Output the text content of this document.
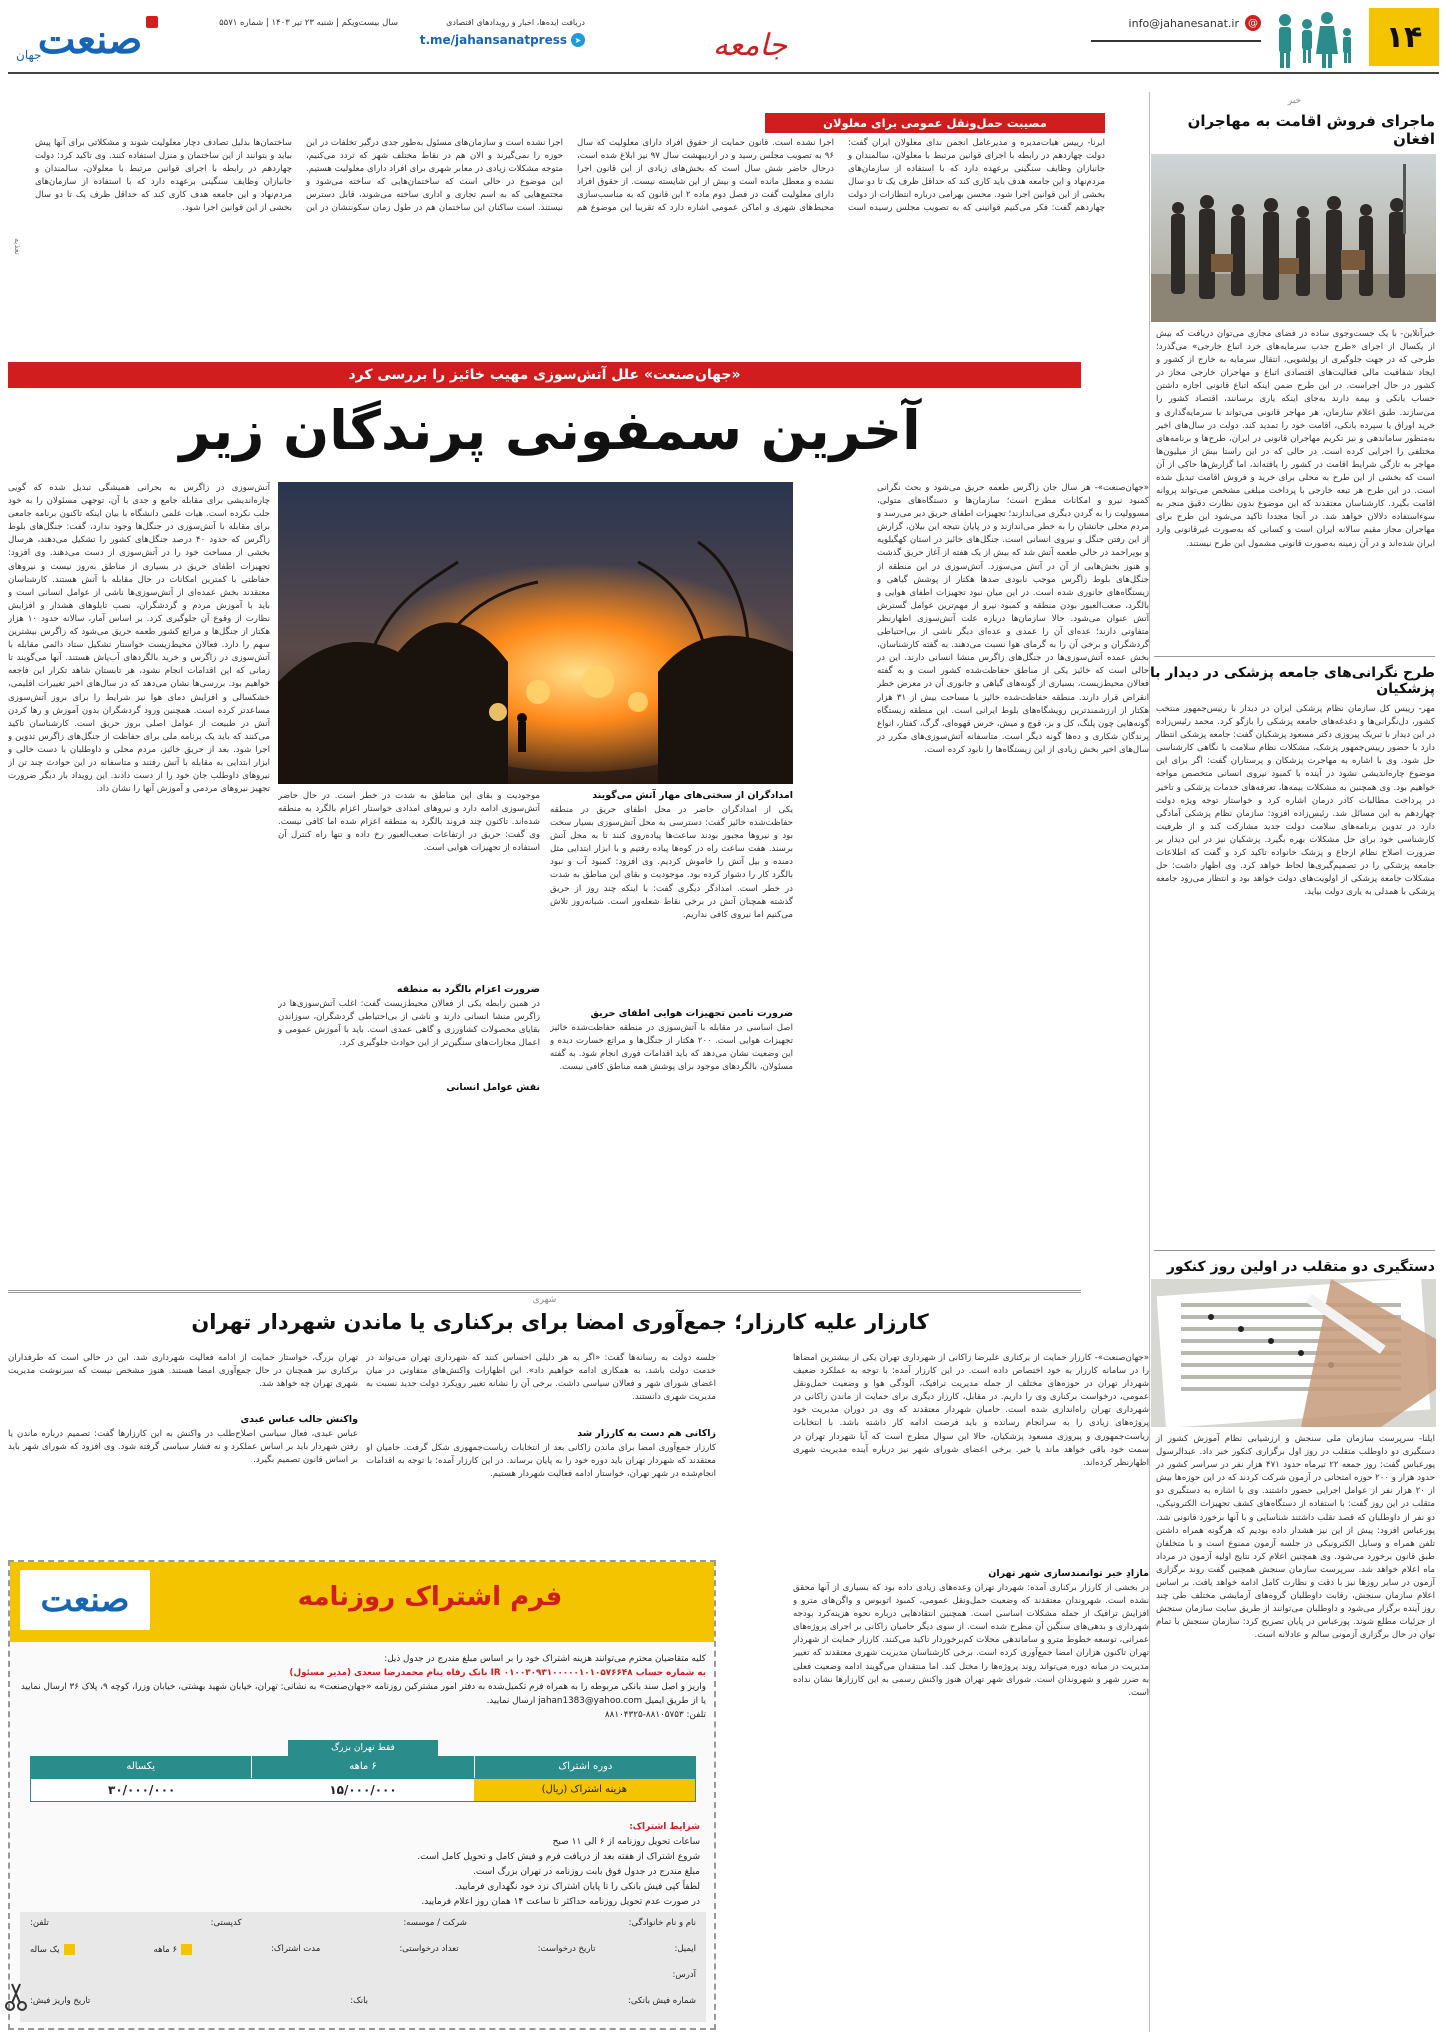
۱۴
info@jahanesanat.ir @
جامعه
دریافت ایده‌ها، اخبار و رویدادهای اقتصادی
t.me/jahansanatpress ➤
سال بیست‌ویکم | شنبه ۲۳ تیر ۱۴۰۳ | شماره ۵۵۷۱
جهان
صنعت
خبر
ماجرای فروش اقامت به مهاجران افغان
خبرآنلاین- با یک جست‌وجوی ساده در فضای مجازی می‌توان دریافت که بیش از یکسال از اجرای «طرح جذب سرمایه‌های خرد اتباع خارجی» می‌گذرد؛ طرحی که در جهت جلوگیری از پولشویی، انتقال سرمایه به خارج از کشور و ایجاد شفافیت مالی فعالیت‌های اقتصادی اتباع و مهاجران خارجی مجاز در کشور در حال اجراست. در این طرح ضمن اینکه اتباع قانونی اجازه داشتن حساب بانکی و بیمه دارند به‌جای اینکه یاری برسانند، اقتصاد کشور را می‌سازند. طبق اعلام سازمان، هر مهاجر قانونی می‌تواند با سرمایه‌گذاری و خرید اوراق یا سپرده بانکی، اقامت خود را تمدید کند. دولت در سال‌های اخیر به‌منظور ساماندهی و نیز تکریم مهاجران قانونی در ایران، طرح‌ها و برنامه‌های مختلفی را اجرایی کرده است. در حالی که در این راستا بیش از میلیون‌ها مهاجر به تازگی شرایط اقامت در کشور را یافته‌اند، اما گزارش‌ها حاکی از آن است که بخشی از این طرح به محلی برای خرید و فروش اقامت تبدیل شده است. در این طرح هر تبعه خارجی با پرداخت مبلغی مشخص می‌تواند پروانه اقامت بگیرد. کارشناسان معتقدند که این موضوع بدون نظارت دقیق منجر به سوءاستفاده دلالان خواهد شد. در آنجا مجددا تاکید می‌شود این طرح برای مهاجران مجاز مقیم سالانه ایران است و کسانی که به‌صورت غیرقانونی وارد ایران شده‌اند و در آن زمینه به‌صورت قانونی مشمول این طرح نیستند.
طرح نگرانی‌های جامعه پزشکی در دیدار با پزشکیان
مهر- رییس کل سازمان نظام پزشکی ایران در دیدار با رییس‌جمهور منتخب کشور، دل‌نگرانی‌ها و دغدغه‌های جامعه پزشکی را بازگو کرد. محمد رئیس‌زاده در این دیدار با تبریک پیروزی دکتر مسعود پزشکیان گفت: جامعه پزشکی انتظار دارد با حضور رییس‌جمهور پزشک، مشکلات نظام سلامت با نگاهی کارشناسی حل شود. وی با اشاره به مهاجرت پزشکان و پرستاران گفت: اگر برای این موضوع چاره‌اندیشی نشود در آینده با کمبود نیروی انسانی متخصص مواجه خواهیم بود. وی همچنین به مشکلات بیمه‌ها، تعرفه‌های خدمات پزشکی و تاخیر در پرداخت مطالبات کادر درمان اشاره کرد و خواستار توجه ویژه دولت چهاردهم به این مسائل شد. رئیس‌زاده افزود: سازمان نظام پزشکی آمادگی دارد در تدوین برنامه‌های سلامت دولت جدید مشارکت کند و از ظرفیت کارشناسی خود برای حل مشکلات بهره بگیرد. پزشکیان نیز در این دیدار بر ضرورت اصلاح نظام ارجاع و پزشک خانواده تاکید کرد و گفت که اطلاعات جامعه پزشکی را در تصمیم‌گیری‌ها لحاظ خواهد کرد. وی اظهار داشت: حل مشکلات جامعه پزشکی از اولویت‌های دولت خواهد بود و انتظار می‌رود جامعه پزشکی با همدلی به یاری دولت بیاید.
دستگیری دو متقلب در اولین روز کنکور
ایلنا- سرپرست سازمان ملی سنجش و ارزشیابی نظام آموزش کشور از دستگیری دو داوطلب متقلب در روز اول برگزاری کنکور خبر داد. عبدالرسول پورعباس گفت: روز جمعه ۲۲ تیرماه حدود ۴۷۱ هزار نفر در سراسر کشور در حدود هزار و ۲۰۰ حوزه امتحانی در آزمون شرکت کردند که در این حوزه‌ها بیش از ۲۰ هزار نفر از عوامل اجرایی حضور داشتند. وی با اشاره به دستگیری دو متقلب در این روز گفت: با استفاده از دستگاه‌های کشف تجهیزات الکترونیکی، دو نفر از داوطلبان که قصد تقلب داشتند شناسایی و با آنها برخورد قانونی شد. پورعباس افزود: پیش از این نیز هشدار داده بودیم که هرگونه همراه داشتن تلفن همراه و وسایل الکترونیکی در جلسه آزمون ممنوع است و با متخلفان طبق قانون برخورد می‌شود. وی همچنین اعلام کرد نتایج اولیه آزمون در مرداد ماه اعلام خواهد شد. سرپرست سازمان سنجش همچنین گفت روند برگزاری آزمون در سایر روزها نیز با دقت و نظارت کامل ادامه خواهد یافت. بر اساس اعلام سازمان سنجش، رقابت داوطلبان گروه‌های آزمایشی مختلف طی چند روز آینده برگزار می‌شود و داوطلبان می‌توانند از طریق سایت سازمان سنجش از جزئیات مطلع شوند. پورعباس در پایان تصریح کرد: سازمان سنجش با تمام توان در حال برگزاری آزمونی سالم و عادلانه است.
مصیبت حمل‌ونقل عمومی برای معلولان
ایرنا- رییس هیات‌مدیره و مدیرعامل انجمن ندای معلولان ایران گفت: دولت چهاردهم در رابطه با اجرای قوانین مرتبط با معلولان، سالمندان و جانبازان وظایف سنگینی برعهده دارد که با استفاده از سازمان‌های مردم‌نهاد و این جامعه هدف باید کاری کند که حداقل ظرف یک تا دو سال بخشی از این قوانین اجرا شود. محسن بهرامی درباره انتظارات از دولت چهاردهم گفت: فکر می‌کنیم قوانینی که به تصویب مجلس رسیده است اجرا نشده است. قانون حمایت از حقوق افراد دارای معلولیت که سال ۹۶ به تصویب مجلس رسید و در اردیبهشت سال ۹۷ نیز ابلاغ شده است، درحال حاضر شش سال است که بخش‌های زیادی از این قانون اجرا نشده و معطل مانده است و بیش از این شایسته نیست. از حقوق افراد دارای معلولیت گفت در فصل دوم ماده ۲ این قانون که به مناسب‌سازی محیط‌های شهری و اماکن عمومی اشاره دارد که تقریبا این موضوع هم اجرا نشده است و سازمان‌های مسئول به‌طور جدی درگیر تخلفات در این حوزه را نمی‌گیرند و الان هم در نقاط مختلف شهر که تردد می‌کنیم، متوجه مشکلات زیادی در معابر شهری برای افراد دارای معلولیت هستیم. این موضوع در حالی است که ساختمان‌هایی که ساخته می‌شود و مجتمع‌هایی که به اسم تجاری و اداری ساخته می‌شوند، قابل دسترس نیستند. است ساکنان این ساختمان هم در طول زمان سکونتشان در این ساختمان‌ها بدلیل تصادف دچار معلولیت شوند و مشکلاتی برای آنها پیش بیاید و بتوانند از این ساختمان و منزل استفاده کنند. وی تاکید کرد: دولت چهاردهم در رابطه با اجرای قوانین مرتبط با معلولان، سالمندان و جانبازان وظایف سنگینی برعهده دارد که با استفاده از سازمان‌های مردم‌نهاد و این جامعه هدف کاری کند که حداقل ظرف یک تا دو سال بخشی از این قوانین اجرا شود.
تغذیه
«جهان‌صنعت» علل آتش‌سوزی مهیب خائیز را بررسی کرد
آخرین سمفونی پرندگان زیر
«جهان‌صنعت»- هر سال جان زاگرس طعمه حریق می‌شود و بحث نگرانی کمبود نیرو و امکانات مطرح است؛ سازمان‌ها و دستگاه‌های متولی، مسوولیت را به گردن دیگری می‌اندازند؛ تجهیزات اطفای حریق دیر می‌رسد و مردم محلی جانشان را به خطر می‌اندازند و در پایان نتیجه این بیلان، گزارش از این رفتن جنگل و نیروی انسانی است. جنگل‌های خائیز در استان کهگیلویه و بویراحمد در حالی طعمه آتش شد که بیش از یک هفته از آغاز حریق گذشت و هنوز بخش‌هایی از آن در آتش می‌سوزد. آتش‌سوزی در این منطقه از جنگل‌های بلوط زاگرس موجب نابودی صدها هکتار از پوشش گیاهی و زیستگاه‌های جانوری شده است. در این میان نبود تجهیزات اطفای هوایی و بالگرد، صعب‌العبور بودن منطقه و کمبود نیرو از مهم‌ترین عوامل گسترش آتش عنوان می‌شود. حالا سازمان‌ها درباره علت آتش‌سوزی اظهارنظر متفاوتی دارند؛ عده‌ای آن را عمدی و عده‌ای دیگر ناشی از بی‌احتیاطی گردشگران و برخی آن را به گرمای هوا نسبت می‌دهند. به گفته کارشناسان، بخش عمده آتش‌سوزی‌ها در جنگل‌های زاگرس منشا انسانی دارند. این در حالی است که خائیز یکی از مناطق حفاظت‌شده کشور است و به گفته فعالان محیط‌زیست، بسیاری از گونه‌های گیاهی و جانوری آن در معرض خطر انقراض قرار دارند. منطقه حفاظت‌شده خائیز با مساحت بیش از ۳۱ هزار هکتار از ارزشمندترین رویشگاه‌های بلوط ایرانی است. این منطقه زیستگاه گونه‌هایی چون پلنگ، کل و بز، قوچ و میش، خرس قهوه‌ای، گرگ، کفتار، انواع پرندگان شکاری و ده‌ها گونه دیگر است. متاسفانه آتش‌سوزی‌های مکرر در سال‌های اخیر بخش زیادی از این زیستگاه‌ها را نابود کرده است.
آتش‌سوزی در زاگرس به بحرانی همیشگی تبدیل شده که گویی چاره‌اندیشی برای مقابله جامع و جدی با آن، توجهی مسئولان را به خود جلب نکرده است. هیات علمی دانشگاه با بیان اینکه تاکنون برنامه جامعی برای مقابله با آتش‌سوزی در جنگل‌ها وجود ندارد، گفت: جنگل‌های بلوط زاگرس که حدود ۴۰ درصد جنگل‌های کشور را تشکیل می‌دهند، هرسال بخشی از مساحت خود را در آتش‌سوزی از دست می‌دهند. وی افزود: تجهیزات اطفای حریق در بسیاری از مناطق به‌روز نیست و نیروهای حفاظتی با کمترین امکانات در حال مقابله با آتش هستند. کارشناسان معتقدند بخش عمده‌ای از آتش‌سوزی‌ها ناشی از عوامل انسانی است و باید با آموزش مردم و گردشگران، نصب تابلوهای هشدار و افزایش نظارت از وقوع آن جلوگیری کرد. بر اساس آمار، سالانه حدود ۱۰ هزار هکتار از جنگل‌ها و مراتع کشور طعمه حریق می‌شود که زاگرس بیشترین سهم را دارد. فعالان محیط‌زیست خواستار تشکیل ستاد دائمی مقابله با آتش‌سوزی در زاگرس و خرید بالگردهای آب‌پاش هستند. آنها می‌گویند تا زمانی که این اقدامات انجام نشود، هر تابستان شاهد تکرار این فاجعه خواهیم بود. بررسی‌ها نشان می‌دهد که در سال‌های اخیر تغییرات اقلیمی، خشکسالی و افزایش دمای هوا نیز شرایط را برای بروز آتش‌سوزی مساعدتر کرده است. همچنین ورود گردشگران بدون آموزش و رها کردن آتش در طبیعت از عوامل اصلی بروز حریق است. کارشناسان تاکید می‌کنند که باید یک برنامه ملی برای حفاظت از جنگل‌های زاگرس تدوین و اجرا شود. بعد از حریق خائیز، مردم محلی و داوطلبان با دست خالی و ابزار ابتدایی به مقابله با آتش رفتند و متاسفانه در این حوادث چند تن از نیروهای داوطلب جان خود را از دست دادند. این رویداد بار دیگر ضرورت تجهیز نیروهای مردمی و آموزش آنها را نشان داد.
امدادگران از سختی‌های مهار آتش می‌گویند
یکی از امدادگران حاضر در محل اطفای حریق در منطقه حفاظت‌شده خائیز گفت: دسترسی به محل آتش‌سوزی بسیار سخت بود و نیروها مجبور بودند ساعت‌ها پیاده‌روی کنند تا به محل آتش برسند. هفت ساعت راه در کوه‌ها پیاده رفتیم و با ابزار ابتدایی مثل دمنده و بیل آتش را خاموش کردیم. وی افزود: کمبود آب و نبود بالگرد کار را دشوار کرده بود. موجودیت و بقای این مناطق به شدت در خطر است. امدادگر دیگری گفت: با اینکه چند روز از حریق گذشته همچنان آتش در برخی نقاط شعله‌ور است. شبانه‌روز تلاش می‌کنیم اما نیروی کافی نداریم.
ضرورت تامین تجهیزات هوایی اطفای حریق
اصل اساسی در مقابله با آتش‌سوزی در منطقه حفاظت‌شده خائیز تجهیزات هوایی است. ۲۰۰ هکتار از جنگل‌ها و مراتع خسارت دیده و این وضعیت نشان می‌دهد که باید اقدامات فوری انجام شود. به گفته مسئولان، بالگردهای موجود برای پوشش همه مناطق کافی نیست.
موجودیت و بقای این مناطق به شدت در خطر است. در حال حاضر آتش‌سوزی ادامه دارد و نیروهای امدادی خواستار اعزام بالگرد به منطقه شده‌اند. تاکنون چند فروند بالگرد به منطقه اعزام شده اما کافی نیست. وی گفت: حریق در ارتفاعات صعب‌العبور رخ داده و تنها راه کنترل آن استفاده از تجهیزات هوایی است.
ضرورت اعزام بالگرد به منطقه
در همین رابطه یکی از فعالان محیط‌زیست گفت: اغلب آتش‌سوزی‌ها در زاگرس منشا انسانی دارند و ناشی از بی‌احتیاطی گردشگران، سوزاندن بقایای محصولات کشاورزی و گاهی عمدی است. باید با آموزش عمومی و اعمال مجازات‌های سنگین‌تر از این حوادث جلوگیری کرد.
نقش عوامل انسانی
شهری
کارزار علیه کارزار؛ جمع‌آوری امضا برای برکناری یا ماندن شهردار تهران
«جهان‌صنعت»- کارزار حمایت از برکناری علیرضا زاکانی از شهرداری تهران یکی از بیشترین امضاها را در سامانه کارزار به خود اختصاص داده است. در این کارزار آمده: با توجه به عملکرد ضعیف شهردار تهران در حوزه‌های مختلف از جمله مدیریت ترافیک، آلودگی هوا و وضعیت حمل‌ونقل عمومی، درخواست برکناری وی را داریم. در مقابل، کارزار دیگری برای حمایت از ماندن زاکانی در شهرداری تهران راه‌اندازی شده است. حامیان شهردار معتقدند که وی در دوران مدیریت خود پروژه‌های زیادی را به سرانجام رسانده و باید فرصت ادامه کار داشته باشد. با انتخابات ریاست‌جمهوری و پیروزی مسعود پزشکیان، حالا این سوال مطرح است که آیا شهردار تهران در سمت خود باقی خواهد ماند یا خیر. برخی اعضای شورای شهر نیز درباره آینده مدیریت شهری اظهارنظر کرده‌اند.
مازادِ خیر توانمندسازی شهر تهران
در بخشی از کارزار برکناری آمده: شهردار تهران وعده‌های زیادی داده بود که بسیاری از آنها محقق نشده است. شهروندان معتقدند که وضعیت حمل‌ونقل عمومی، کمبود اتوبوس و واگن‌های مترو و افزایش ترافیک از جمله مشکلات اساسی است. همچنین انتقادهایی درباره نحوه هزینه‌کرد بودجه شهرداری و بدهی‌های سنگین آن مطرح شده است. از سوی دیگر حامیان زاکانی بر اجرای پروژه‌های عمرانی، توسعه خطوط مترو و ساماندهی محلات کم‌برخوردار تاکید می‌کنند. کارزار حمایت از شهردار تهران تاکنون هزاران امضا جمع‌آوری کرده است. برخی کارشناسان مدیریت شهری معتقدند که تغییر مدیریت در میانه دوره می‌تواند روند پروژه‌ها را مختل کند. اما منتقدان می‌گویند ادامه وضعیت فعلی به ضرر شهر و شهروندان است. شورای شهر تهران هنوز واکنش رسمی به این کارزارها نشان نداده است.
جلسه دولت به رسانه‌ها گفت: «اگر به هر دلیلی احساس کنند که شهرداری تهران می‌تواند در خدمت دولت باشد، به همکاری ادامه خواهیم داد». این اظهارات واکنش‌های متفاوتی در میان اعضای شورای شهر و فعالان سیاسی داشت. برخی آن را نشانه تغییر رویکرد دولت جدید نسبت به مدیریت شهری دانستند.
زاکانی هم دست به کارزار شد
کارزار جمع‌آوری امضا برای ماندن زاکانی بعد از انتخابات ریاست‌جمهوری شکل گرفت. حامیان او معتقدند که شهردار تهران باید دوره خود را به پایان برساند. در این کارزار آمده: با توجه به اقدامات انجام‌شده در شهر تهران، خواستار ادامه فعالیت شهردار هستیم.
تهران بزرگ، خواستار حمایت از ادامه فعالیت شهرداری شد. این در حالی است که طرفداران برکناری نیز همچنان در حال جمع‌آوری امضا هستند. هنوز مشخص نیست که سرنوشت مدیریت شهری تهران چه خواهد شد.
واکنش جالب عباس عبدی
عباس عبدی، فعال سیاسی اصلاح‌طلب در واکنش به این کارزارها گفت: تصمیم درباره ماندن یا رفتن شهردار باید بر اساس عملکرد و نه فشار سیاسی گرفته شود. وی افزود که شورای شهر باید بر اساس قانون تصمیم بگیرد.
صنعت	فرم اشتراک روزنامه
کلیه متقاضیان محترم می‌توانند هزینه اشتراک خود را بر اساس مبلغ مندرج در جدول ذیل:
به شماره حساب ۰۱۰۰۳۰۹۳۱۰۰۰۰۰۱۰۱۰۵۷۶۶۴۸ IR بانک رفاه بنام محمدرضا سعدی (مدیر مسئول)
واریز و اصل سند بانکی مربوطه را به همراه فرم تکمیل‌شده به دفتر امور مشترکین روزنامه «جهان‌صنعت» به نشانی: تهران، خیابان شهید بهشتی، خیابان وزرا، کوچه ۹، پلاک ۳۶ ارسال نمایید یا از طریق ایمیل jahan1383@yahoo.com ارسال نمایید.
تلفن: ۸۸۱۰۵۷۵۳-۸۸۱۰۴۳۲۵
فقط تهران بزرگ
دوره اشتراک
۶ ماهه
یکساله
هزینه اشتراک (ریال)
۱۵/۰۰۰/۰۰۰
۳۰/۰۰۰/۰۰۰
شرایط اشتراک:
ساعات تحویل روزنامه از ۶ الی ۱۱ صبح
شروع اشتراک از هفته بعد از دریافت فرم و فیش کامل و تحویل کامل است.
مبلغ مندرج در جدول فوق بابت روزنامه در تهران بزرگ است.
لطفاً کپی فیش بانکی را تا پایان اشتراک نزد خود نگهداری فرمایید.
در صورت عدم تحویل روزنامه حداکثر تا ساعت ۱۴ همان روز اعلام فرمایید.
نام و نام خانوادگی:
شرکت / موسسه:
کدپستی:
تلفن:
ایمیل:
تاریخ درخواست:
تعداد درخواستی:
مدت اشتراک:
۶ ماهه
یک ساله
آدرس:
شماره فیش بانکی:
بانک:
تاریخ واریز فیش:
